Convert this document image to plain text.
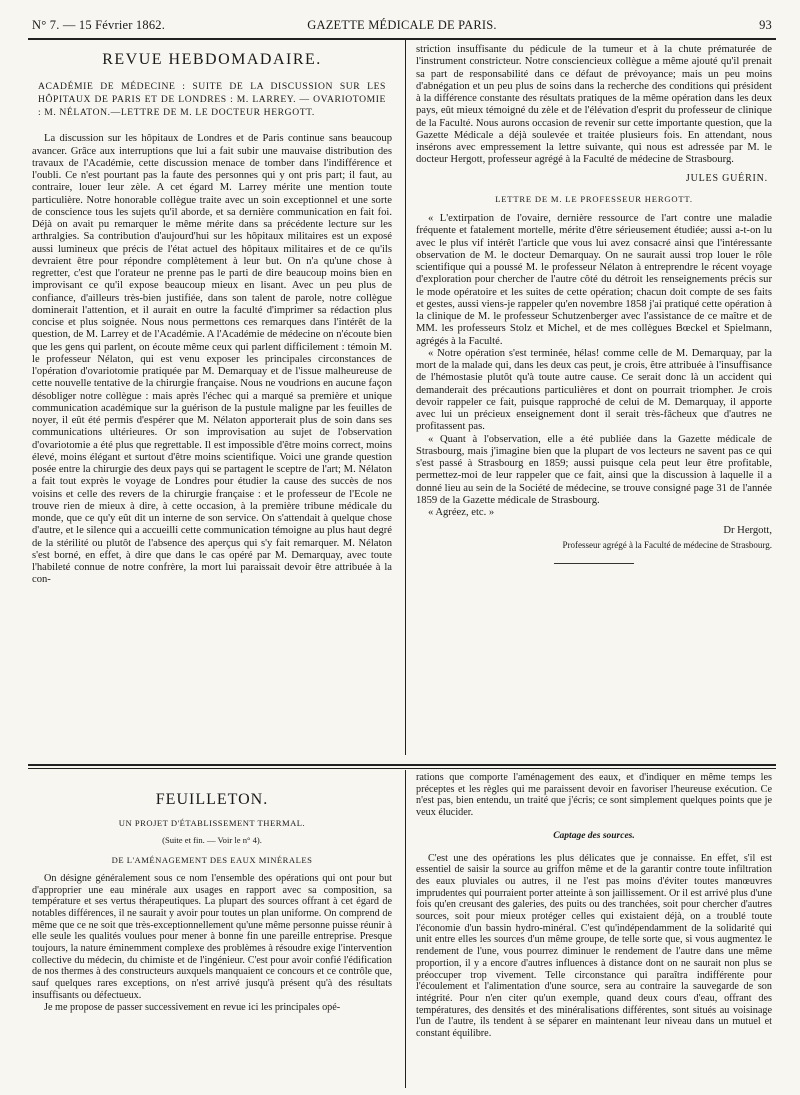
N° 7. — 15 Février 1862.	GAZETTE MÉDICALE DE PARIS.	93
REVUE HEBDOMADAIRE.

ACADÉMIE DE MÉDECINE : SUITE DE LA DISCUSSION SUR LES HÔPITAUX DE PARIS ET DE LONDRES : M. LARREY. — OVARIOTOMIE : M. NÉLATON.—LETTRE DE M. LE DOCTEUR HERGOTT.

La discussion sur les hôpitaux de Londres et de Paris continue sans beaucoup avancer. Grâce aux interruptions que lui a fait subir une mauvaise distribution des travaux de l'Académie, cette discussion menace de tomber dans l'indifférence et l'oubli. Ce n'est pourtant pas la faute des personnes qui y ont pris part; il faut, au contraire, louer leur zèle. A cet égard M. Larrey mérite une mention toute particulière. Notre honorable collègue traite avec un soin exceptionnel et une sorte de conscience tous les sujets qu'il aborde, et sa dernière communication en fait foi. Déjà on avait pu remarquer le même mérite dans sa précédente lecture sur les arthralgies. Sa contribution d'aujourd'hui sur les hôpitaux militaires est un exposé aussi lumineux que précis de l'état actuel des hôpitaux militaires et de ce qu'ils devraient être pour répondre complètement à leur but. On n'a qu'une chose à regretter, c'est que l'orateur ne prenne pas le parti de dire beaucoup moins bien en improvisant ce qu'il expose beaucoup mieux en lisant. Avec un peu plus de confiance, d'ailleurs très-bien justifiée, dans son talent de parole, notre collègue dominerait l'attention, et il aurait en outre la faculté d'imprimer sa rédaction plus concise et plus soignée. Nous nous permettons ces remarques dans l'intérêt de la question, de M. Larrey et de l'Académie. A l'Académie de médecine on n'écoute bien que les gens qui parlent, on écoute même ceux qui parlent difficilement : témoin M. le professeur Nélaton, qui est venu exposer les principales circonstances de l'opération d'ovariotomie pratiquée par M. Demarquay et de l'issue malheureuse de cette nouvelle tentative de la chirurgie française. Nous ne voudrions en aucune façon désobliger notre collègue : mais après l'échec qui a marqué sa première et unique communication académique sur la guérison de la pustule maligne par les feuilles de noyer, il eût été permis d'espérer que M. Nélaton apporterait plus de soin dans ses communications ultérieures. Or son improvisation au sujet de l'observation d'ovariotomie a été plus que regrettable. Il est impossible d'être moins correct, moins élevé, moins élégant et surtout d'être moins scientifique. Voici une grande question posée entre la chirurgie des deux pays qui se partagent le sceptre de l'art; M. Nélaton a fait tout exprès le voyage de Londres pour étudier la cause des succès de nos voisins et celle des revers de la chirurgie française : et le professeur de l'Ecole ne trouve rien de mieux à dire, à cette occasion, à la première tribune médicale du monde, que ce qu'y eût dit un interne de son service. On s'attendait à quelque chose d'autre, et le silence qui a accueilli cette communication témoigne au plus haut degré de la stérilité ou plutôt de l'absence des aperçus qui s'y fait remarquer. M. Nélaton s'est borné, en effet, à dire que dans le cas opéré par M. Demarquay, avec toute l'habileté connue de notre confrère, la mort lui paraissait devoir être attribuée à la con-

striction insuffisante du pédicule de la tumeur et à la chute prématurée de l'instrument constricteur. Notre consciencieux collègue a même ajouté qu'il prenait sa part de responsabilité dans ce défaut de prévoyance; mais un peu moins d'abnégation et un peu plus de soins dans la recherche des conditions qui président à la différence constante des résultats pratiques de la même opération dans les deux pays, eût mieux témoigné du zèle et de l'élévation d'esprit du professeur de clinique de la Faculté. Nous aurons occasion de revenir sur cette importante question, que la Gazette Médicale a déjà soulevée et traitée plusieurs fois. En attendant, nous insérons avec empressement la lettre suivante, qui nous est adressée par M. le docteur Hergott, professeur agrégé à la Faculté de médecine de Strasbourg.

JULES GUÉRIN.

LETTRE DE M. LE PROFESSEUR HERGOTT.

« L'extirpation de l'ovaire, dernière ressource de l'art contre une maladie fréquente et fatalement mortelle, mérite d'être sérieusement étudiée; aussi a-t-on lu avec le plus vif intérêt l'article que vous lui avez consacré ainsi que l'intéressante observation de M. le docteur Demarquay. On ne saurait aussi trop louer le rôle scientifique qui a poussé M. le professeur Nélaton à entreprendre le récent voyage d'exploration pour chercher de l'autre côté du détroit les renseignements précis sur le mode opératoire et les suites de cette opération; chacun doit compte de ses faits et gestes, aussi viens-je rappeler qu'en novembre 1858 j'ai pratiqué cette opération à la clinique de M. le professeur Schutzenberger avec l'assistance de ce maître et de MM. les professeurs Stolz et Michel, et de mes collègues Bœckel et Spielmann, agrégés à la Faculté.

« Notre opération s'est terminée, hélas! comme celle de M. Demarquay, par la mort de la malade qui, dans les deux cas peut, je crois, être attribuée à l'insuffisance de l'hémostasie plutôt qu'à toute autre cause. Ce serait donc là un accident qui demanderait des précautions particulières et dont on pourrait triompher. Je crois devoir rappeler ce fait, puisque rapproché de celui de M. Demarquay, il apporte avec lui un précieux enseignement dont il serait très-fâcheux que d'autres ne profitassent pas.

« Quant à l'observation, elle a été publiée dans la Gazette médicale de Strasbourg, mais j'imagine bien que la plupart de vos lecteurs ne savent pas ce qui s'est passé à Strasbourg en 1859; aussi puisque cela peut leur être profitable, permettez-moi de leur rappeler que ce fait, ainsi que la discussion à laquelle il a donné lieu au sein de la Société de médecine, se trouve consigné page 31 de l'année 1859 de la Gazette médicale de Strasbourg.

« Agréez, etc. »

Dr Hergott,

Professeur agrégé à la Faculté de médecine de Strasbourg.

FEUILLETON.

UN PROJET D'ÉTABLISSEMENT THERMAL.

(Suite et fin. — Voir le n° 4).

DE L'AMÉNAGEMENT DES EAUX MINÉRALES

On désigne généralement sous ce nom l'ensemble des opérations qui ont pour but d'approprier une eau minérale aux usages en rapport avec sa composition, sa température et ses vertus thérapeutiques. La plupart des sources offrant à cet égard de notables différences, il ne saurait y avoir pour toutes un plan uniforme. On comprend de même que ce ne soit que très-exceptionnellement qu'une même personne puisse réunir à elle seule les qualités voulues pour mener à bonne fin une pareille entreprise. Presque toujours, la nature éminemment complexe des problèmes à résoudre exige l'intervention collective du médecin, du chimiste et de l'ingénieur. C'est pour avoir confié l'édification de nos thermes à des constructeurs auxquels manquaient ce concours et ce contrôle que, sauf quelques rares exceptions, on n'est arrivé jusqu'à présent qu'à des résultats insuffisants ou défectueux.

Je me propose de passer successivement en revue ici les principales opé-

rations que comporte l'aménagement des eaux, et d'indiquer en même temps les préceptes et les règles qui me paraissent devoir en favoriser l'heureuse exécution. Ce n'est pas, bien entendu, un traité que j'écris; ce sont simplement quelques points que je veux élucider.

Captage des sources.

C'est une des opérations les plus délicates que je connaisse. En effet, s'il est essentiel de saisir la source au griffon même et de la garantir contre toute infiltration des eaux pluviales ou autres, il ne l'est pas moins d'éviter toutes manœuvres imprudentes qui pourraient porter atteinte à son jaillissement. Or il est arrivé plus d'une fois qu'en creusant des galeries, des puits ou des tranchées, soit pour chercher d'autres sources, soit pour mieux protéger celles qui existaient déjà, on a troublé toute l'économie d'un bassin hydro-minéral. C'est qu'indépendamment de la solidarité qui unit entre elles les sources d'un même groupe, de telle sorte que, si vous augmentez le rendement de l'une, vous pourrez diminuer le rendement de l'autre dans une même proportion, il y a encore d'autres influences à distance dont on ne saurait non plus se préoccuper trop vivement. Telle circonstance qui paraîtra indifférente pour l'écoulement et l'alimentation d'une source, sera au contraire la sauvegarde de son intégrité. Pour n'en citer qu'un exemple, quand deux cours d'eau, offrant des températures, des densités et des minéralisations différentes, sont situés au voisinage l'un de l'autre, ils tendent à se séparer en maintenant leur niveau dans un mutuel et constant équilibre.
